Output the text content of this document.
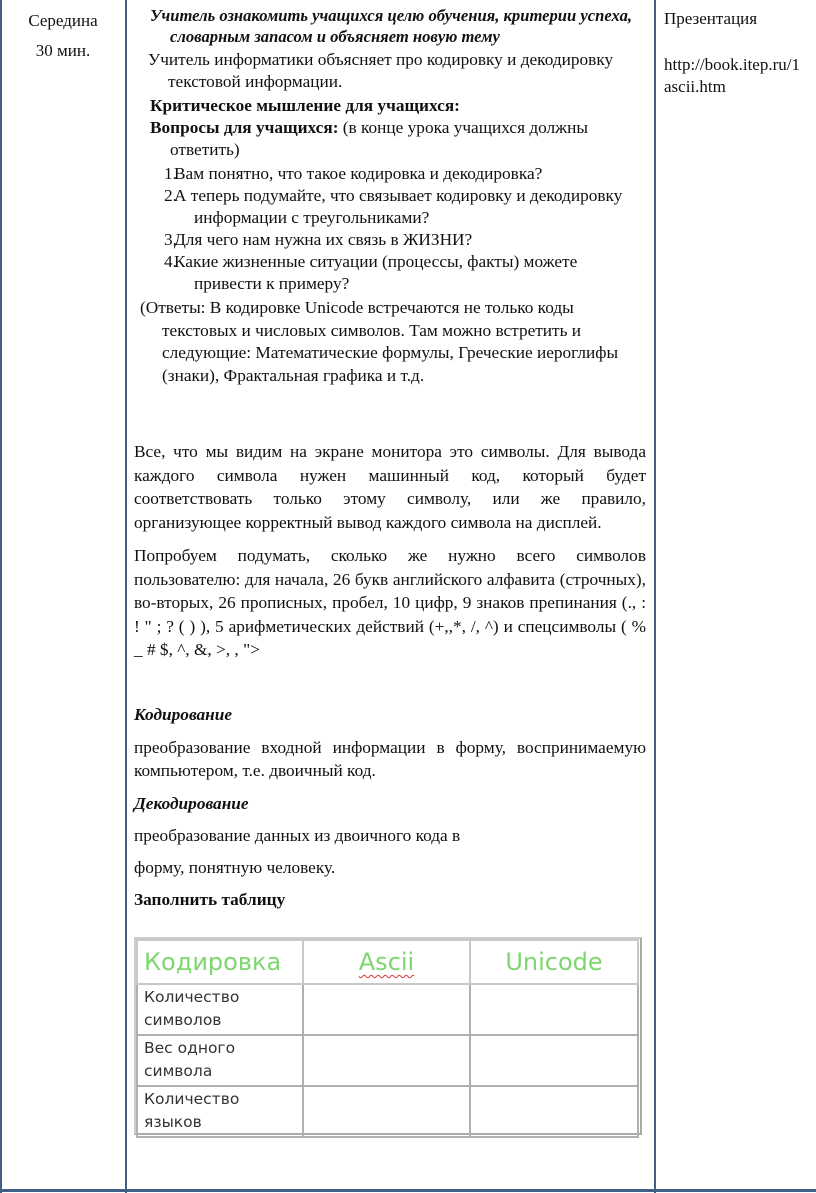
Середина
30 мин.
Презентация
http://book.itep.ru/1
ascii.htm

Учитель ознакомить учащихся целю обучения, критерии успеха, словарным запасом и объясняет новую тему

Учитель информатики объясняет про кодировку и декодировку текстовой информации.

Критическое мышление для учащихся:

Вопросы для учащихся: (в конце урока учащихся должны ответить)

1.
Вам понятно, что такое кодировка и декодировка?
2.
А теперь подумайте, что связывает кодировку и декодировку информации с треугольниками?
3.
Для чего нам нужна их связь в ЖИЗНИ?
4.
Какие жизненные ситуации (процессы, факты) можете привести к примеру?

(Ответы: В кодировке Unicode встречаются не только коды текстовых и числовых символов. Там можно встретить и следующие: Математические формулы, Греческие иероглифы (знаки), Фрактальная графика и т.д.

Все, что мы видим на экране монитора это символы. Для вывода каждого символа нужен машинный код, который будет соответствовать только этому символу, или же правило, организующее корректный вывод каждого символа на дисплей.

Попробуем подумать, сколько же нужно всего символов пользователю: для начала, 26 букв английского алфавита (строчных), во-вторых, 26 прописных, пробел, 10 цифр, 9 знаков препинания (., : ! " ; ? ( ) ), 5 арифметических действий (+,,*, /, ^) и спецсимволы ( % _ # $, ^, &, >, , ">

Кодирование

преобразование входной информации в форму, воспринимаемую компьютером, т.е. двоичный код.

Декодирование

преобразование данных из двоичного кода в

форму, понятную человеку.

Заполнить таблицу

Кодировка	Ascii	Unicode
Количество символов		
Вес одного символа		
Количество языков		
